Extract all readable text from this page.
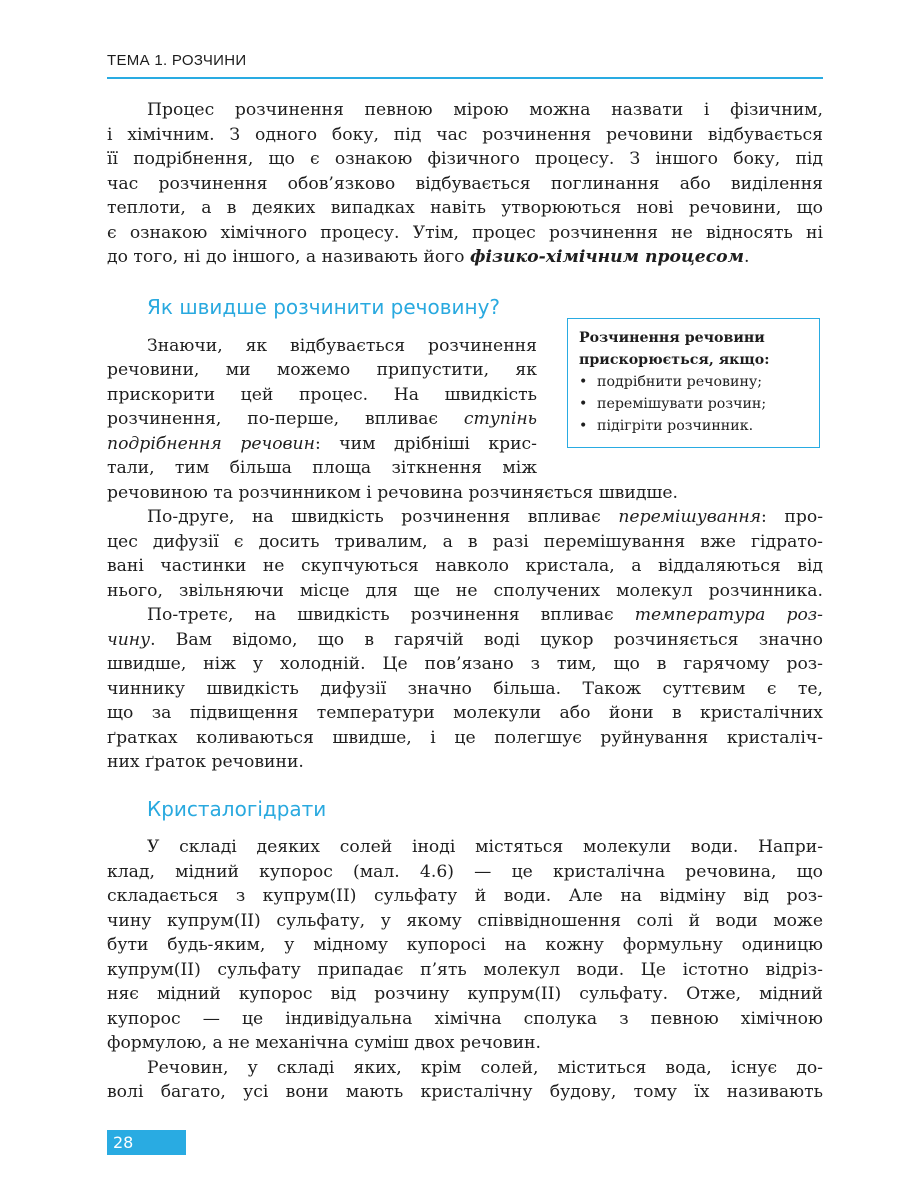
ТЕМА 1. РОЗЧИНИ
Процес розчинення певною мірою можна назвати і фізичним,
і хімічним. З одного боку, під час розчинення речовини відбувається
її подрібнення, що є ознакою фізичного процесу. З іншого боку, під
час розчинення обов’язково відбувається поглинання або виділення
теплоти, а в деяких випадках навіть утворюються нові речовини, що
є ознакою хімічного процесу. Утім, процес розчинення не відносять ні
до того, ні до іншого, а називають його фізико-хімічним процесом.
Як швидше розчинити речовину?
Розчинення речовини прискорюється, якщо:
• подрібнити речовину;
• перемішувати розчин;
• підігріти розчинник.
Знаючи, як відбувається розчинення
речовини, ми можемо припустити, як
прискорити цей процес. На швидкість
розчинення, по-перше, впливає ступінь
подрібнення речовин: чим дрібніші крис-
тали, тим більша площа зіткнення між
речовиною та розчинником і речовина розчиняється швидше.
По-друге, на швидкість розчинення впливає перемішування: про-
цес дифузії є досить тривалим, а в разі перемішування вже гідрато-
вані частинки не скупчуються навколо кристала, а віддаляються від
нього, звільняючи місце для ще не сполучених молекул розчинника.
По-третє, на швидкість розчинення впливає температура роз-
чину. Вам відомо, що в гарячій воді цукор розчиняється значно
швидше, ніж у холодній. Це пов’язано з тим, що в гарячому роз-
чиннику швидкість дифузії значно більша. Також суттєвим є те,
що за підвищення температури молекули або йони в кристалічних
ґратках коливаються швидше, і це полегшує руйнування кристаліч-
них ґраток речовини.
Кристалогідрати
У складі деяких солей іноді містяться молекули води. Напри-
клад, мідний купорос (мал. 4.6) — це кристалічна речовина, що
складається з купрум(II) сульфату й води. Але на відміну від роз-
чину купрум(II) сульфату, у якому співвідношення солі й води може
бути будь-яким, у мідному купоросі на кожну формульну одиницю
купрум(II) сульфату припадає п’ять молекул води. Це істотно відріз-
няє мідний купорос від розчину купрум(II) сульфату. Отже, мідний
купорос — це індивідуальна хімічна сполука з певною хімічною
формулою, а не механічна суміш двох речовин.
Речовин, у складі яких, крім солей, міститься вода, існує до-
волі багато, усі вони мають кристалічну будову, тому їх називають
28
